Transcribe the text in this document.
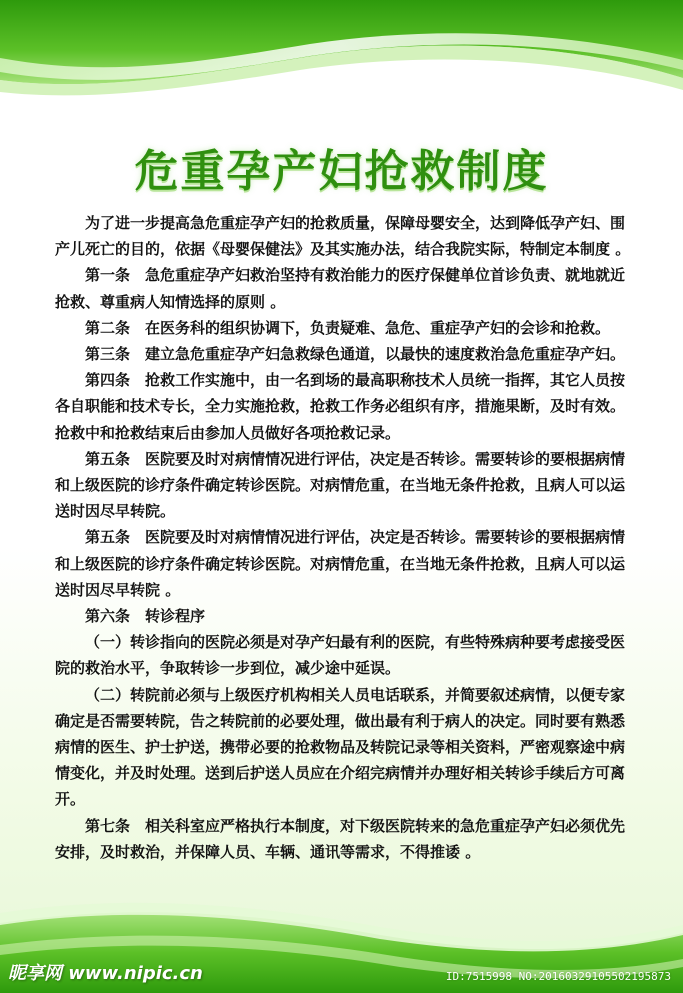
危重孕产妇抢救制度

为了进一步提高急危重症孕产妇的抢救质量，保障母婴安全，达到降低孕产妇、围产儿死亡的目的，依据《母婴保健法》及其实施办法，结合我院实际，特制定本制度 。

第一条　急危重症孕产妇救治坚持有救治能力的医疗保健单位首诊负责、就地就近抢救、尊重病人知情选择的原则 。

第二条　在医务科的组织协调下，负责疑难、急危、重症孕产妇的会诊和抢救。

第三条　建立急危重症孕产妇急救绿色通道，以最快的速度救治急危重症孕产妇。

第四条　抢救工作实施中，由一名到场的最高职称技术人员统一指挥，其它人员按各自职能和技术专长，全力实施抢救，抢救工作务必组织有序，措施果断，及时有效。抢救中和抢救结束后由参加人员做好各项抢救记录。

第五条　医院要及时对病情情况进行评估，决定是否转诊。需要转诊的要根据病情和上级医院的诊疗条件确定转诊医院。对病情危重，在当地无条件抢救，且病人可以运送时因尽早转院。

第五条　医院要及时对病情情况进行评估，决定是否转诊。需要转诊的要根据病情和上级医院的诊疗条件确定转诊医院。对病情危重，在当地无条件抢救，且病人可以运送时因尽早转院 。

第六条　转诊程序

（一）转诊指向的医院必须是对孕产妇最有利的医院，有些特殊病种要考虑接受医院的救治水平，争取转诊一步到位，减少途中延误。

（二）转院前必须与上级医疗机构相关人员电话联系，并简要叙述病情，以便专家确定是否需要转院，告之转院前的必要处理，做出最有利于病人的决定。同时要有熟悉病情的医生、护士护送，携带必要的抢救物品及转院记录等相关资料，严密观察途中病情变化，并及时处理。送到后护送人员应在介绍完病情并办理好相关转诊手续后方可离开。

第七条　相关科室应严格执行本制度，对下级医院转来的急危重症孕产妇必须优先安排，及时救治，并保障人员、车辆、通讯等需求，不得推诿 。

昵享网 www.nipic.cn	ID:7515998 NO:20160329105502195873
